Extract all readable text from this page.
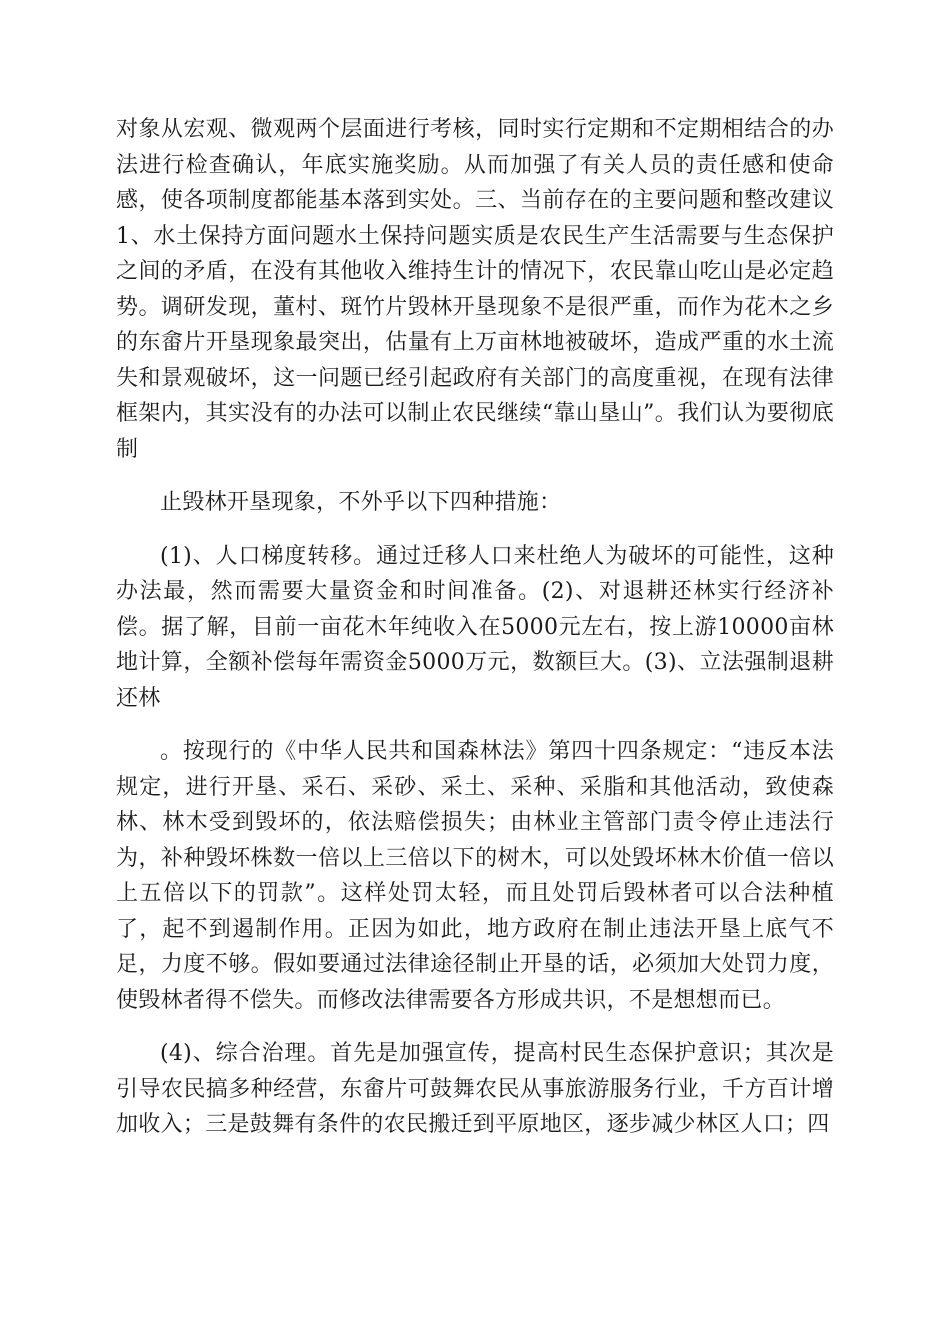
对象从宏观、微观两个层面进行考核，同时实行定期和不定期相结合的办法进行检查确认，年底实施奖励。从而加强了有关人员的责任感和使命感，使各项制度都能基本落到实处。三、当前存在的主要问题和整改建议1、水土保持方面问题水土保持问题实质是农民生产生活需要与生态保护之间的矛盾，在没有其他收入维持生计的情况下，农民靠山吃山是必定趋势。调研发现，董村、斑竹片毁林开垦现象不是很严重，而作为花木之乡的东畲片开垦现象最突出，估量有上万亩林地被破坏，造成严重的水土流失和景观破坏，这一问题已经引起政府有关部门的高度重视，在现有法律框架内，其实没有的办法可以制止农民继续“靠山垦山”。我们认为要彻底制

止毁林开垦现象，不外乎以下四种措施：

(1)、人口梯度转移。通过迁移人口来杜绝人为破坏的可能性，这种办法最，然而需要大量资金和时间准备。(2)、对退耕还林实行经济补偿。据了解，目前一亩花木年纯收入在5000元左右，按上游10000亩林地计算，全额补偿每年需资金5000万元，数额巨大。(3)、立法强制退耕还林

。按现行的《中华人民共和国森林法》第四十四条规定：“违反本法规定，进行开垦、采石、采砂、采土、采种、采脂和其他活动，致使森林、林木受到毁坏的，依法赔偿损失；由林业主管部门责令停止违法行为，补种毁坏株数一倍以上三倍以下的树木，可以处毁坏林木价值一倍以上五倍以下的罚款”。这样处罚太轻，而且处罚后毁林者可以合法种植了，起不到遏制作用。正因为如此，地方政府在制止违法开垦上底气不足，力度不够。假如要通过法律途径制止开垦的话，必须加大处罚力度，使毁林者得不偿失。而修改法律需要各方形成共识，不是想想而已。

(4)、综合治理。首先是加强宣传，提高村民生态保护意识；其次是引导农民搞多种经营，东畲片可鼓舞农民从事旅游服务行业，千方百计增加收入；三是鼓舞有条件的农民搬迁到平原地区，逐步减少林区人口；四
